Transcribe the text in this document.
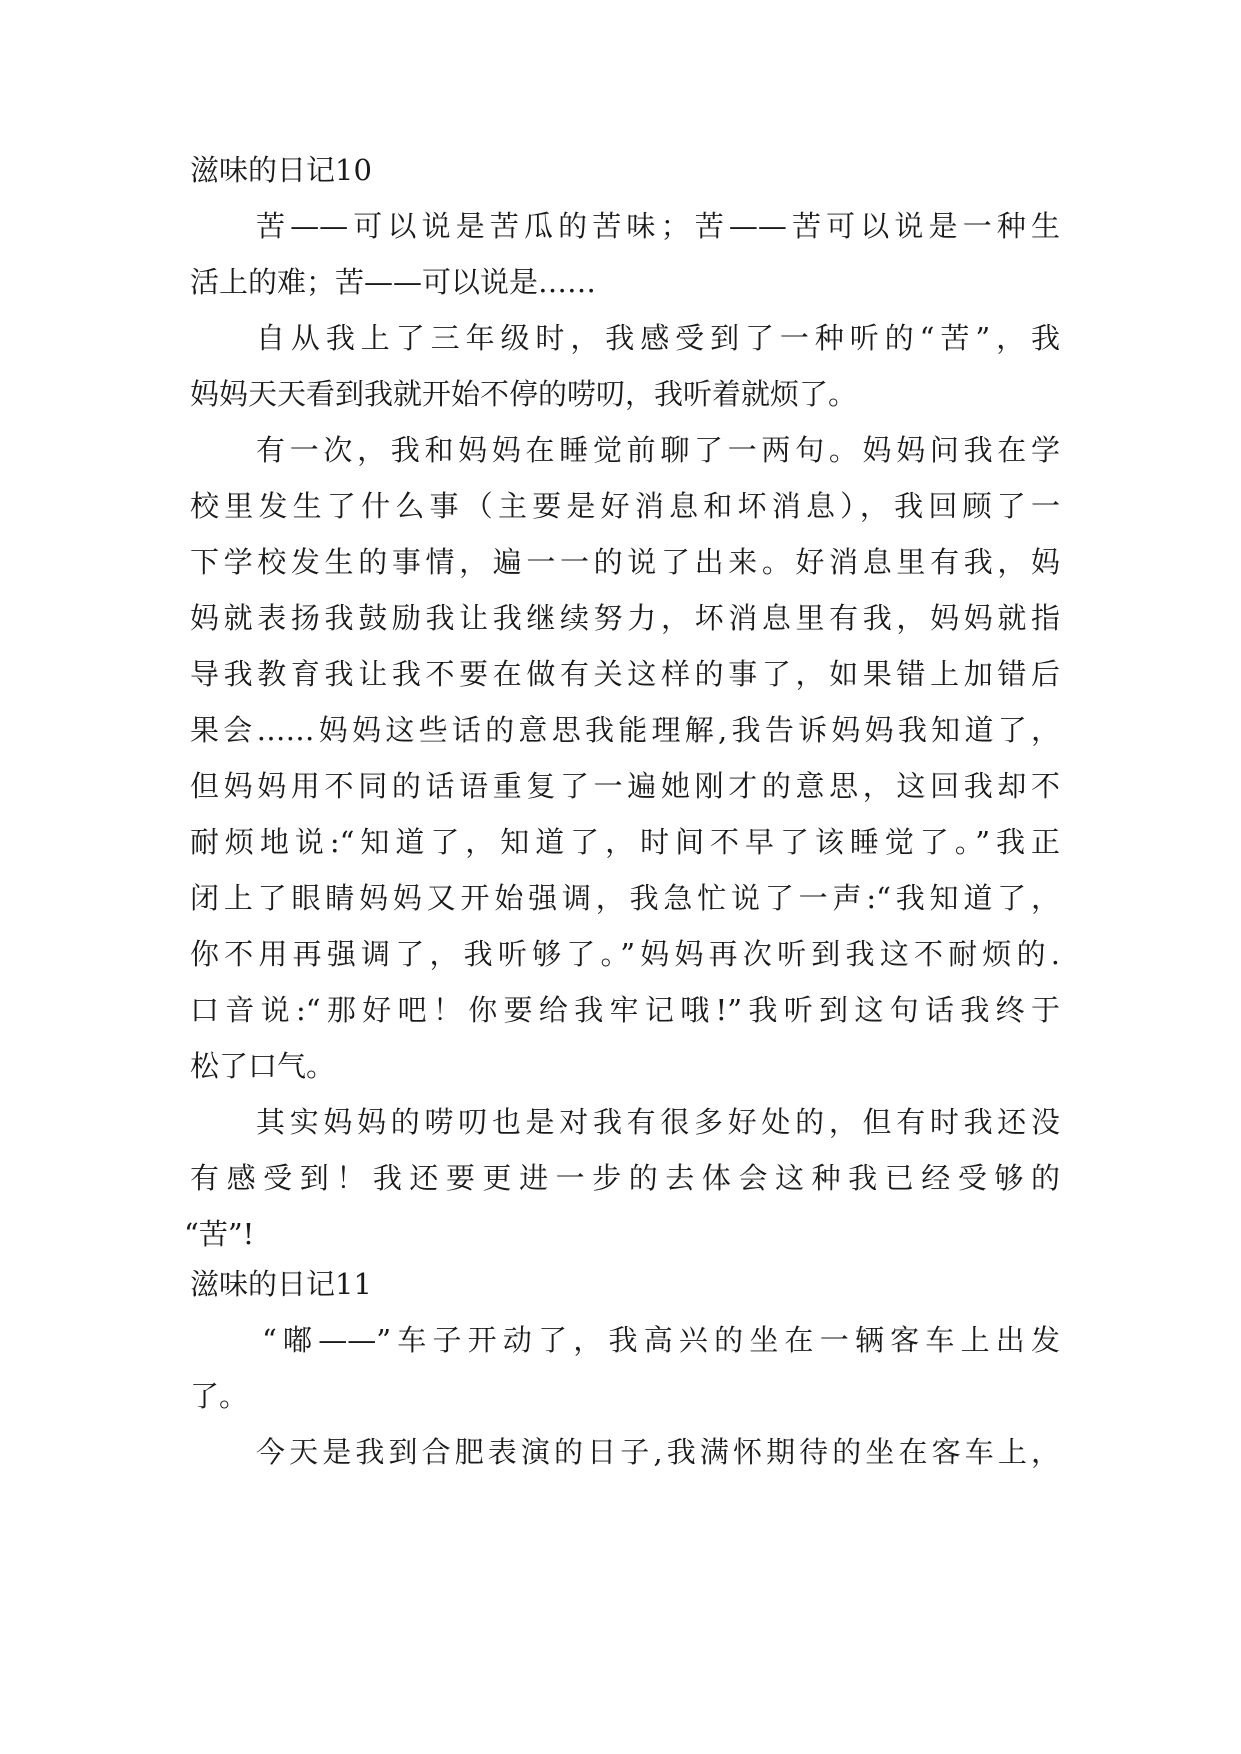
滋味的日记10
苦——可以说是苦瓜的苦味；苦——苦可以说是一种生
活上的难；苦——可以说是……
自从我上了三年级时，我感受到了一种听的“苦”，我
妈妈天天看到我就开始不停的唠叨，我听着就烦了。
有一次，我和妈妈在睡觉前聊了一两句。妈妈问我在学
校里发生了什么事（主要是好消息和坏消息），我回顾了一
下学校发生的事情，遍一一的说了出来。好消息里有我，妈
妈就表扬我鼓励我让我继续努力，坏消息里有我，妈妈就指
导我教育我让我不要在做有关这样的事了，如果错上加错后
果会……妈妈这些话的意思我能理解,我告诉妈妈我知道了，
但妈妈用不同的话语重复了一遍她刚才的意思，这回我却不
耐烦地说:“知道了，知道了，时间不早了该睡觉了。”我正
闭上了眼睛妈妈又开始强调，我急忙说了一声:“我知道了，
你不用再强调了，我听够了。”妈妈再次听到我这不耐烦的.
口音说:“那好吧！你要给我牢记哦!”我听到这句话我终于
松了口气。
其实妈妈的唠叨也是对我有很多好处的，但有时我还没
有感受到！我还要更进一步的去体会这种我已经受够的
“苦”!
滋味的日记11
“嘟——”车子开动了，我高兴的坐在一辆客车上出发
了。
今天是我到合肥表演的日子,我满怀期待的坐在客车上，
